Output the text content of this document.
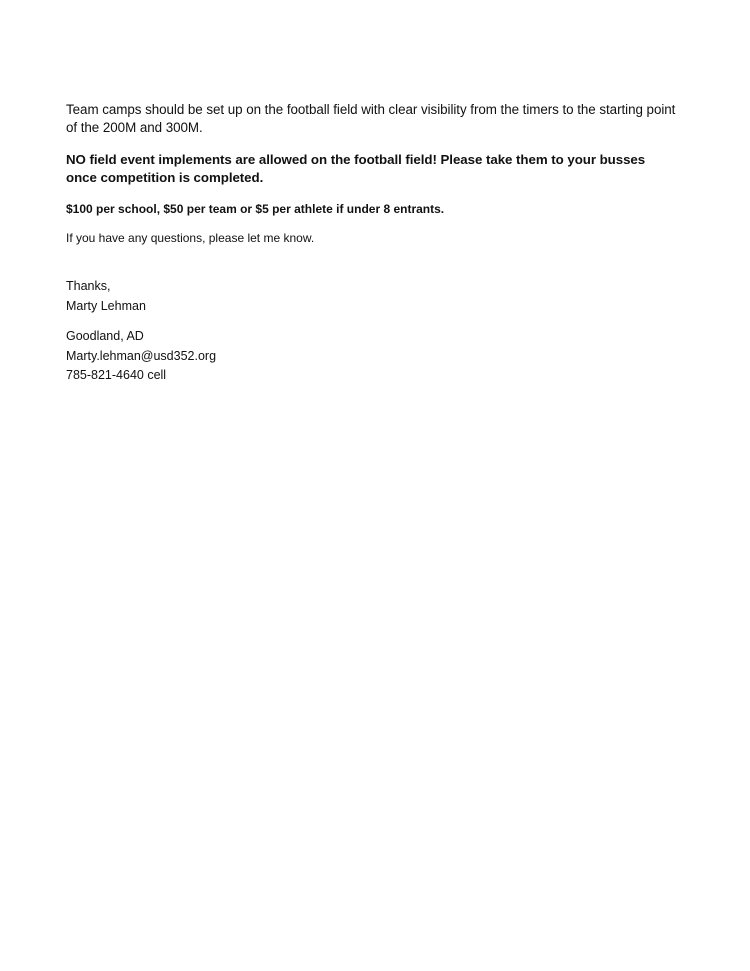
Team camps should be set up on the football field with clear visibility from the timers to the starting point of the 200M and 300M.

NO field event implements are allowed on the football field! Please take them to your busses once competition is completed.

$100 per school, $50 per team or $5 per athlete if under 8 entrants.

If you have any questions, please let me know.

Thanks,

Marty Lehman

Goodland, AD

Marty.lehman@usd352.org

785-821-4640 cell
